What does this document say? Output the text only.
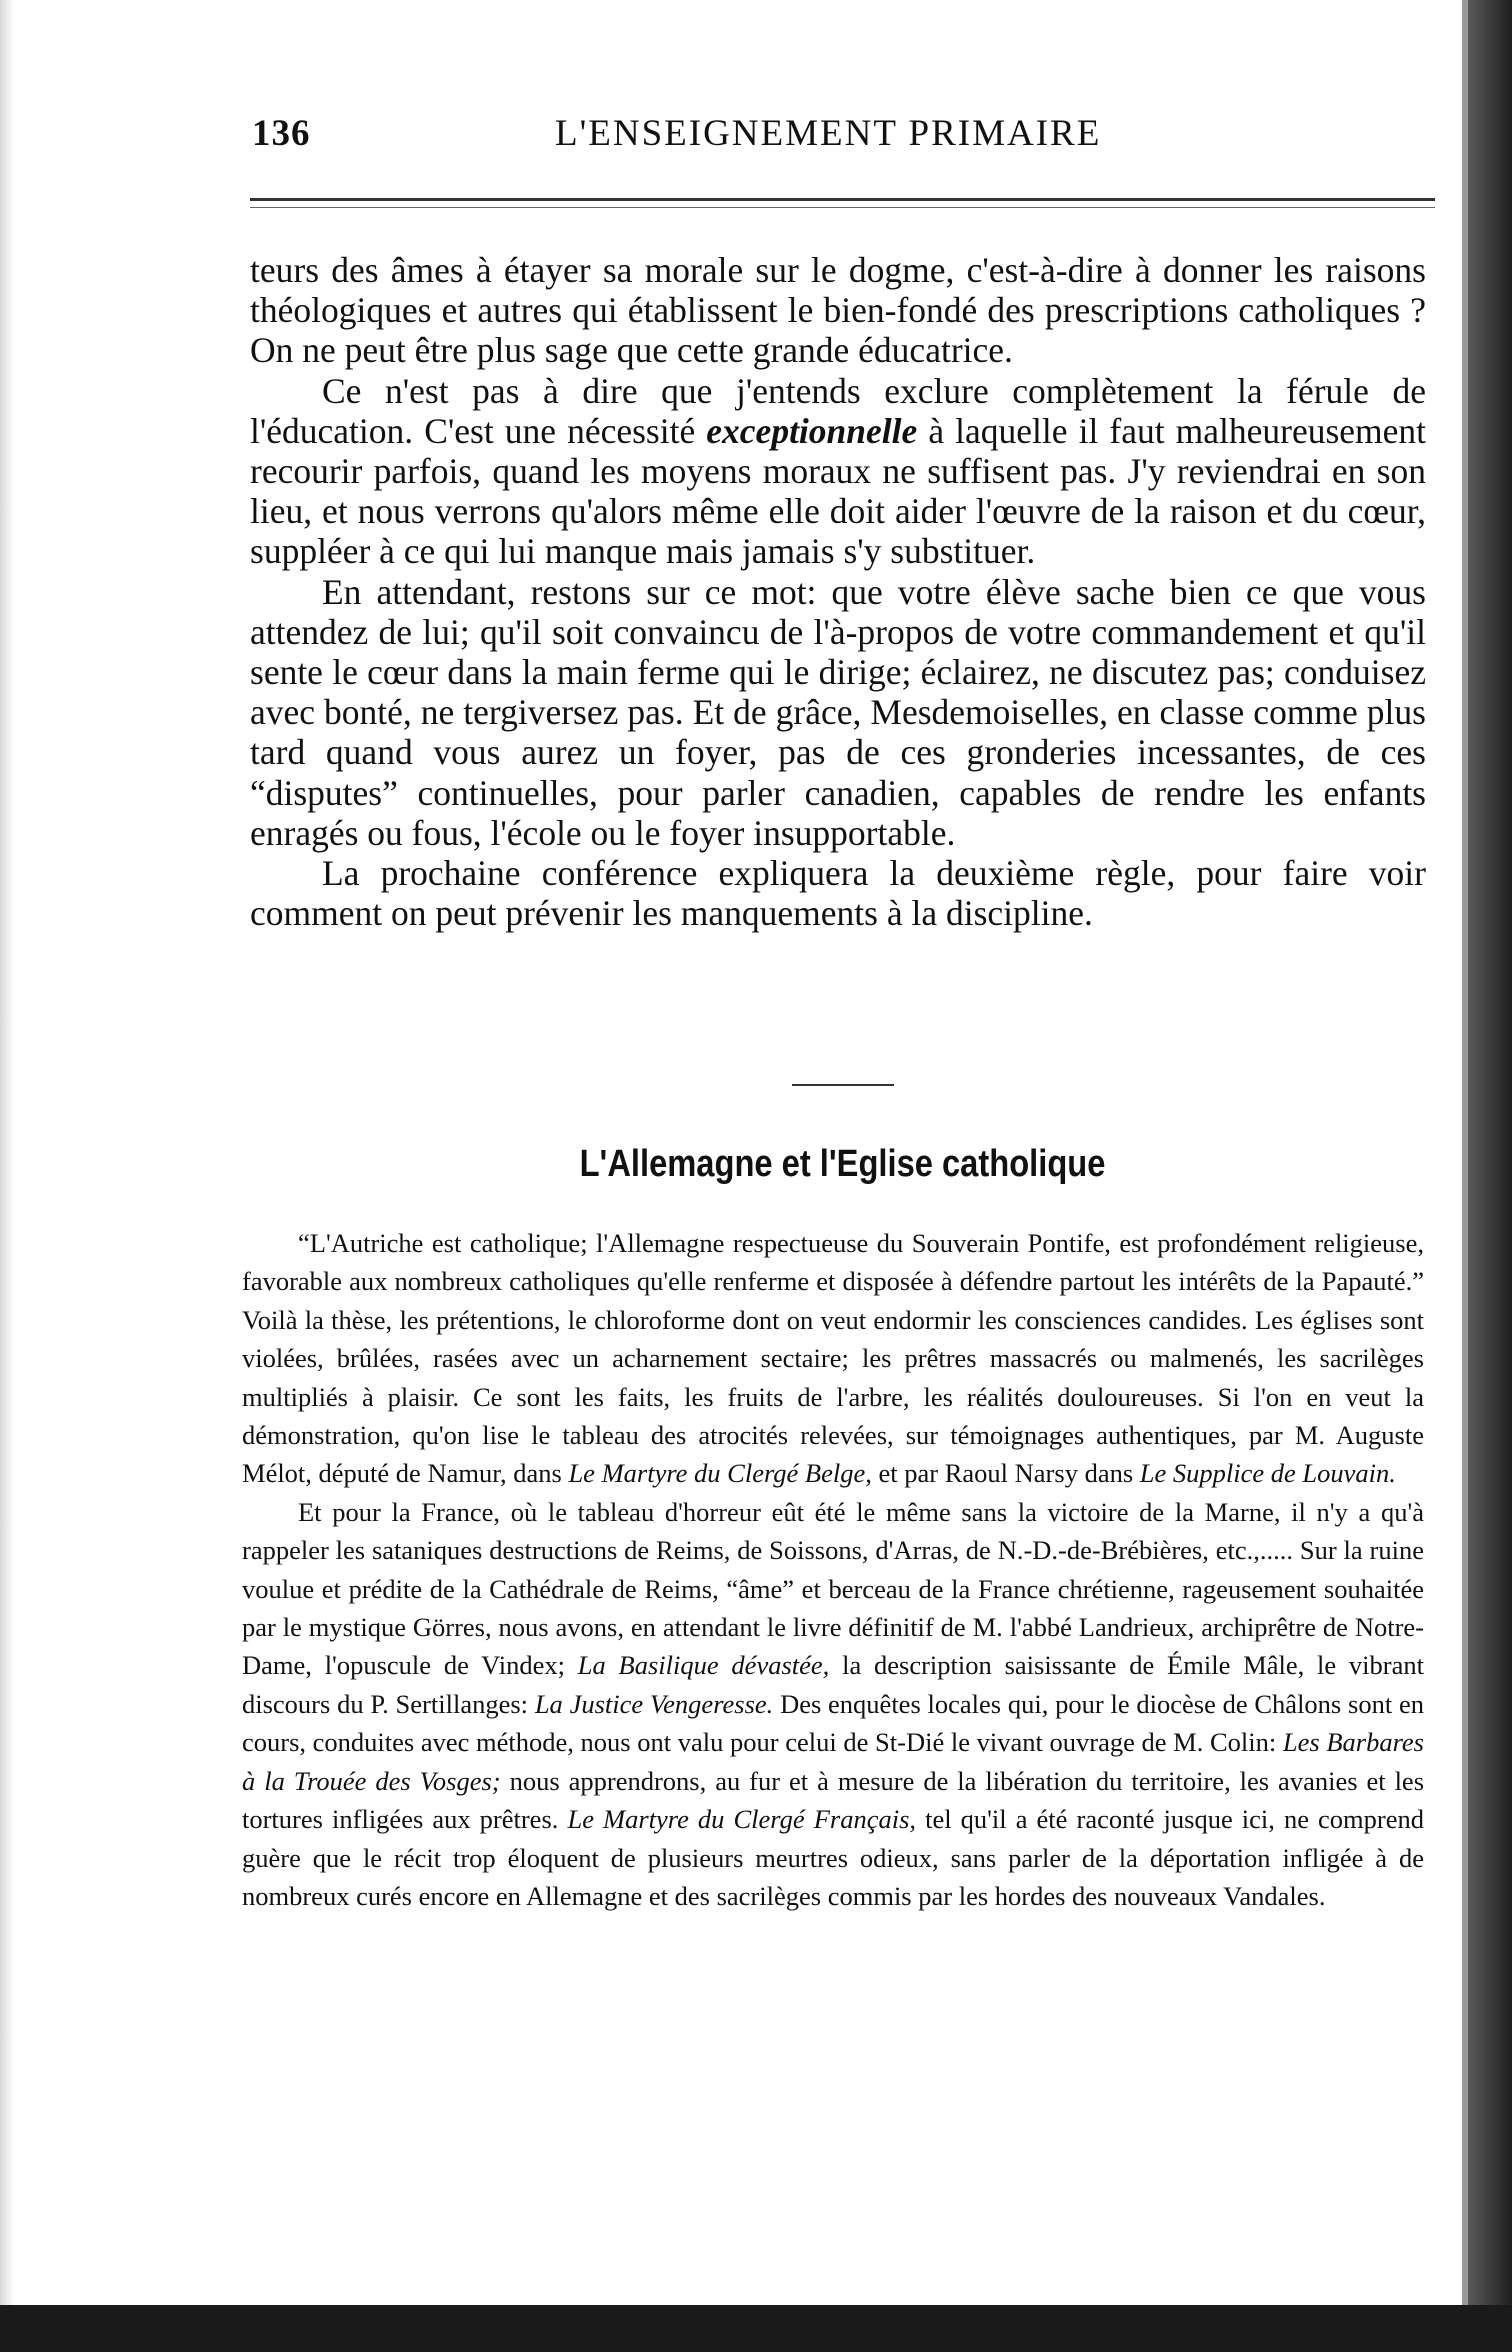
136	L'ENSEIGNEMENT PRIMAIRE

teurs des âmes à étayer sa morale sur le dogme, c'est-à-dire à donner les raisons théologiques et autres qui établissent le bien-fondé des prescriptions catholiques ? On ne peut être plus sage que cette grande éducatrice.

Ce n'est pas à dire que j'entends exclure complètement la férule de l'éducation. C'est une nécessité exceptionnelle à laquelle il faut malheureusement recourir parfois, quand les moyens moraux ne suffisent pas. J'y reviendrai en son lieu, et nous verrons qu'alors même elle doit aider l'œuvre de la raison et du cœur, suppléer à ce qui lui manque mais jamais s'y substituer.

En attendant, restons sur ce mot: que votre élève sache bien ce que vous attendez de lui; qu'il soit convaincu de l'à-propos de votre commandement et qu'il sente le cœur dans la main ferme qui le dirige; éclairez, ne discutez pas; conduisez avec bonté, ne tergiversez pas. Et de grâce, Mesdemoiselles, en classe comme plus tard quand vous aurez un foyer, pas de ces gronderies incessantes, de ces “disputes” continuelles, pour parler canadien, capables de rendre les enfants enragés ou fous, l'école ou le foyer insupportable.

La prochaine conférence expliquera la deuxième règle, pour faire voir comment on peut prévenir les manquements à la discipline.

L'Allemagne et l'Eglise catholique

“L'Autriche est catholique; l'Allemagne respectueuse du Souverain Pontife, est profondément religieuse, favorable aux nombreux catholiques qu'elle renferme et disposée à défendre partout les intérêts de la Papauté.” Voilà la thèse, les prétentions, le chloroforme dont on veut endormir les consciences candides. Les églises sont violées, brûlées, rasées avec un acharnement sectaire; les prêtres massacrés ou malmenés, les sacrilèges multipliés à plaisir. Ce sont les faits, les fruits de l'arbre, les réalités douloureuses. Si l'on en veut la démonstration, qu'on lise le tableau des atrocités relevées, sur témoignages authentiques, par M. Auguste Mélot, député de Namur, dans Le Martyre du Clergé Belge, et par Raoul Narsy dans Le Supplice de Louvain.

Et pour la France, où le tableau d'horreur eût été le même sans la victoire de la Marne, il n'y a qu'à rappeler les sataniques destructions de Reims, de Soissons, d'Arras, de N.-D.-de-Brébières, etc.,..... Sur la ruine voulue et prédite de la Cathédrale de Reims, “âme” et berceau de la France chrétienne, rageusement souhaitée par le mystique Görres, nous avons, en attendant le livre définitif de M. l'abbé Landrieux, archiprêtre de Notre-Dame, l'opuscule de Vindex; La Basilique dévastée, la description saisissante de Émile Mâle, le vibrant discours du P. Sertillanges: La Justice Vengeresse. Des enquêtes locales qui, pour le diocèse de Châlons sont en cours, conduites avec méthode, nous ont valu pour celui de St-Dié le vivant ouvrage de M. Colin: Les Barbares à la Trouée des Vosges; nous apprendrons, au fur et à mesure de la libération du territoire, les avanies et les tortures infligées aux prêtres. Le Martyre du Clergé Français, tel qu'il a été raconté jusque ici, ne comprend guère que le récit trop éloquent de plusieurs meurtres odieux, sans parler de la déportation infligée à de nombreux curés encore en Allemagne et des sacrilèges commis par les hordes des nouveaux Vandales.
